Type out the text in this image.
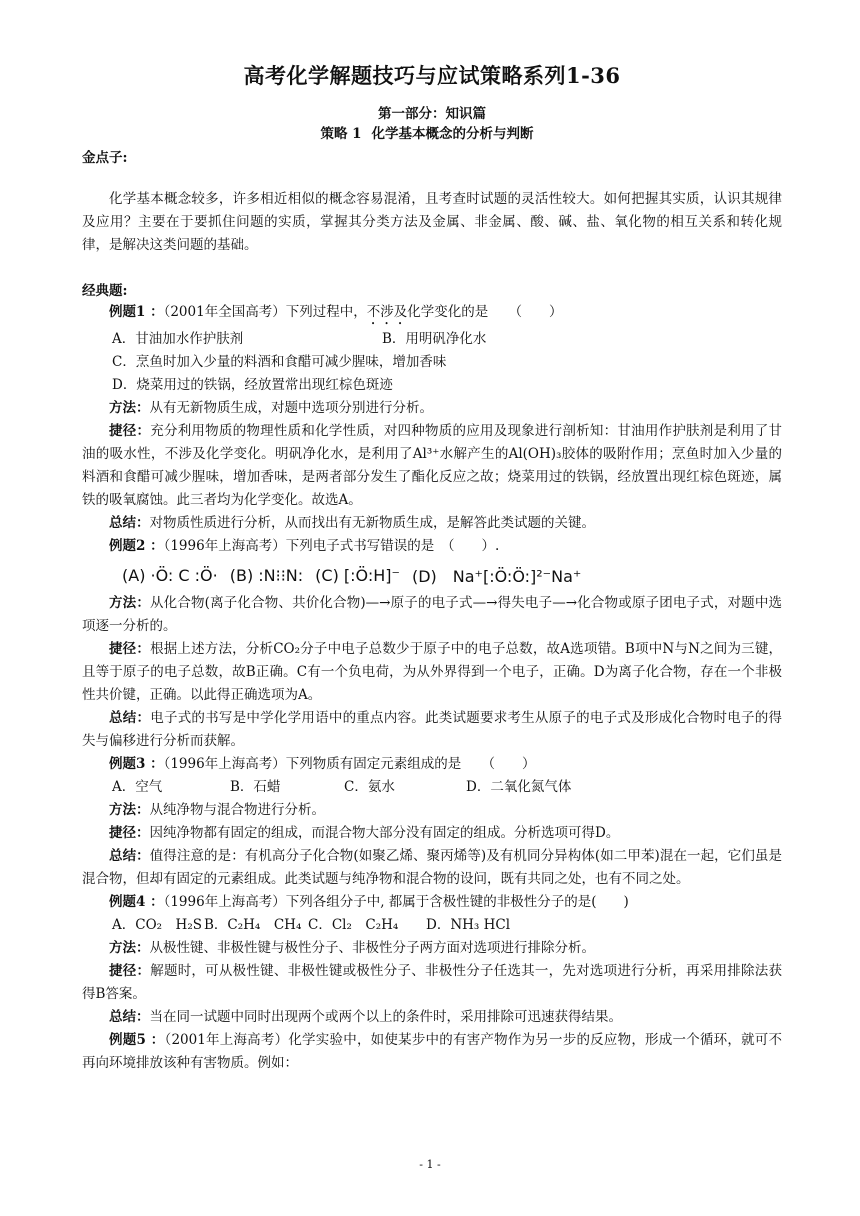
高考化学解题技巧与应试策略系列1-36
第一部分：知识篇
策略 1 化学基本概念的分析与判断
金点子:

化学基本概念较多，许多相近相似的概念容易混淆，且考查时试题的灵活性较大。如何把握其实质，认识其规律及应用？主要在于要抓住问题的实质，掌握其分类方法及金属、非金属、酸、碱、盐、氧化物的相互关系和转化规律，是解决这类问题的基础。

经典题:
例题1 ：（2001年全国高考）下列过程中，不涉及化学变化的是　　（　　）
A．甘油加水作护肤剂	B．用明矾净化水
C．烹鱼时加入少量的料酒和食醋可减少腥味，增加香味
D．烧菜用过的铁锅，经放置常出现红棕色斑迹

方法：从有无新物质生成，对题中选项分别进行分析。

捷径：充分利用物质的物理性质和化学性质，对四种物质的应用及现象进行剖析知：甘油用作护肤剂是利用了甘油的吸水性，不涉及化学变化。明矾净化水，是利用了Al³⁺水解产生的Al(OH)₃胶体的吸附作用；烹鱼时加入少量的料酒和食醋可减少腥味，增加香味，是两者部分发生了酯化反应之故；烧菜用过的铁锅，经放置出现红棕色斑迹，属铁的吸氧腐蚀。此三者均为化学变化。故选A。

总结：对物质性质进行分析，从而找出有无新物质生成，是解答此类试题的关键。

例题2 ：（1996年上海高考）下列电子式书写错误的是　（　　）.
(A) ·Ö: C :Ö· (B) :N⁝⁝N: (C) [:Ö:H]⁻ (D)　Na⁺[:Ö:Ö:]²⁻Na⁺

方法：从化合物(离子化合物、共价化合物)—→原子的电子式—→得失电子—→化合物或原子团电子式，对题中选项逐一分析的。

捷径：根据上述方法，分析CO₂分子中电子总数少于原子中的电子总数，故A选项错。B项中N与N之间为三键，且等于原子的电子总数，故B正确。C有一个负电荷，为从外界得到一个电子，正确。D为离子化合物，存在一个非极性共价键，正确。以此得正确选项为A。

总结：电子式的书写是中学化学用语中的重点内容。此类试题要求考生从原子的电子式及形成化合物时电子的得失与偏移进行分析而获解。

例题3 ：（1996年上海高考）下列物质有固定元素组成的是　　（　　）
A．空气	B．石蜡	C．氨水	D．二氧化氮气体

方法：从纯净物与混合物进行分析。

捷径：因纯净物都有固定的组成，而混合物大部分没有固定的组成。分析选项可得D。

总结：值得注意的是：有机高分子化合物(如聚乙烯、聚丙烯等)及有机同分异构体(如二甲苯)混在一起，它们虽是混合物，但却有固定的元素组成。此类试题与纯净物和混合物的设问，既有共同之处，也有不同之处。

例题4 ：（1996年上海高考）下列各组分子中, 都属于含极性键的非极性分子的是(　　)
A．CO₂　H₂S B．C₂H₄　CH₄ C．Cl₂　C₂H₄ D．NH₃ HCl

方法：从极性键、非极性键与极性分子、非极性分子两方面对选项进行排除分析。

捷径：解题时，可从极性键、非极性键或极性分子、非极性分子任选其一，先对选项进行分析，再采用排除法获得B答案。

总结：当在同一试题中同时出现两个或两个以上的条件时，采用排除可迅速获得结果。

例题5 ：（2001年上海高考）化学实验中，如使某步中的有害产物作为另一步的反应物，形成一个循环，就可不再向环境排放该种有害物质。例如：

- 1 -
